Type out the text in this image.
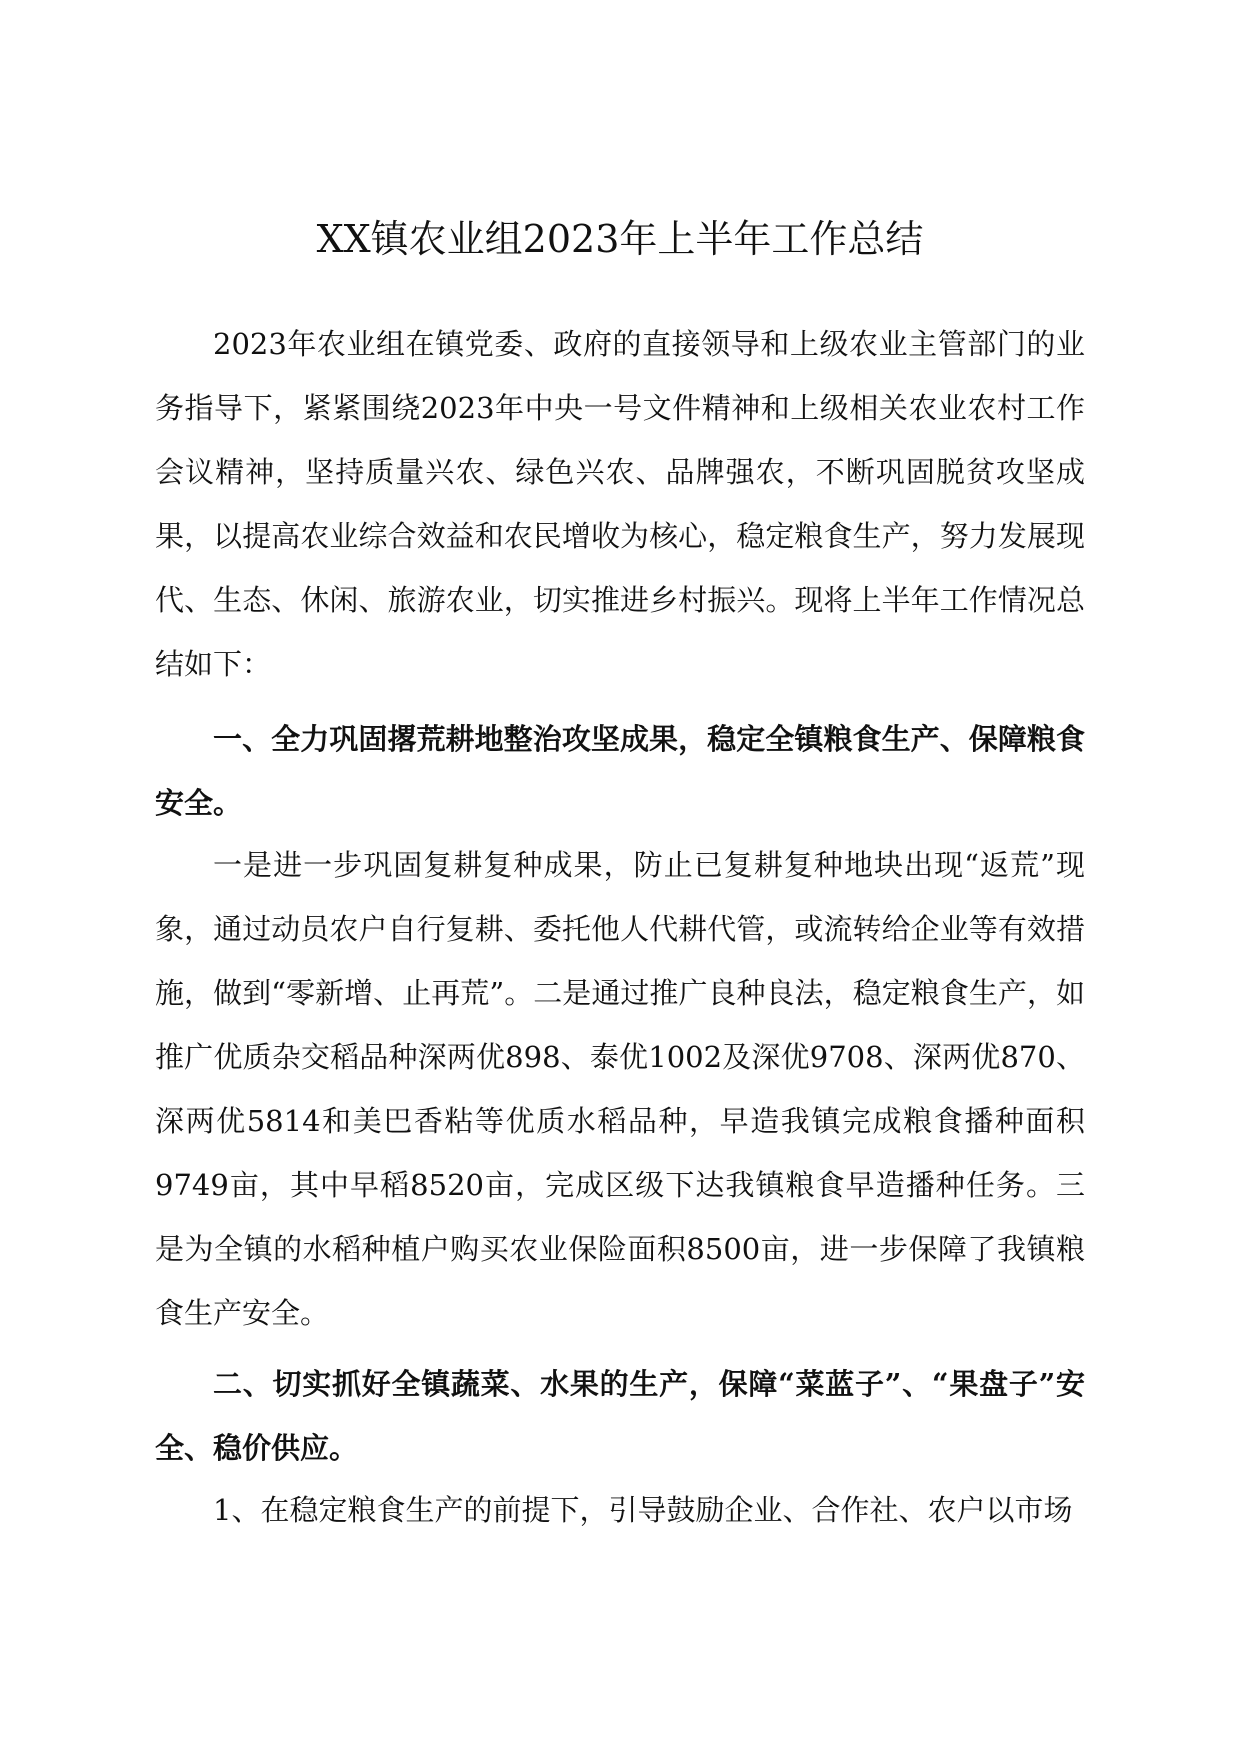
XX镇农业组2023年上半年工作总结

2023年农业组在镇党委、政府的直接领导和上级农业主管部门的业务指导下，紧紧围绕2023年中央一号文件精神和上级相关农业农村工作会议精神，坚持质量兴农、绿色兴农、品牌强农，不断巩固脱贫攻坚成果，以提高农业综合效益和农民增收为核心，稳定粮食生产，努力发展现代、生态、休闲、旅游农业，切实推进乡村振兴。现将上半年工作情况总结如下：

一、全力巩固撂荒耕地整治攻坚成果，稳定全镇粮食生产、保障粮食安全。

一是进一步巩固复耕复种成果，防止已复耕复种地块出现“返荒”现象，通过动员农户自行复耕、委托他人代耕代管，或流转给企业等有效措施，做到“零新增、止再荒”。二是通过推广良种良法，稳定粮食生产，如推广优质杂交稻品种深两优898、泰优1002及深优9708、深两优870、深两优5814和美巴香粘等优质水稻品种，早造我镇完成粮食播种面积9749亩，其中早稻8520亩，完成区级下达我镇粮食早造播种任务。三是为全镇的水稻种植户购买农业保险面积8500亩，进一步保障了我镇粮食生产安全。

二、切实抓好全镇蔬菜、水果的生产，保障“菜蓝子”、“果盘子”安全、稳价供应。

1、在稳定粮食生产的前提下，引导鼓励企业、合作社、农户以市场
